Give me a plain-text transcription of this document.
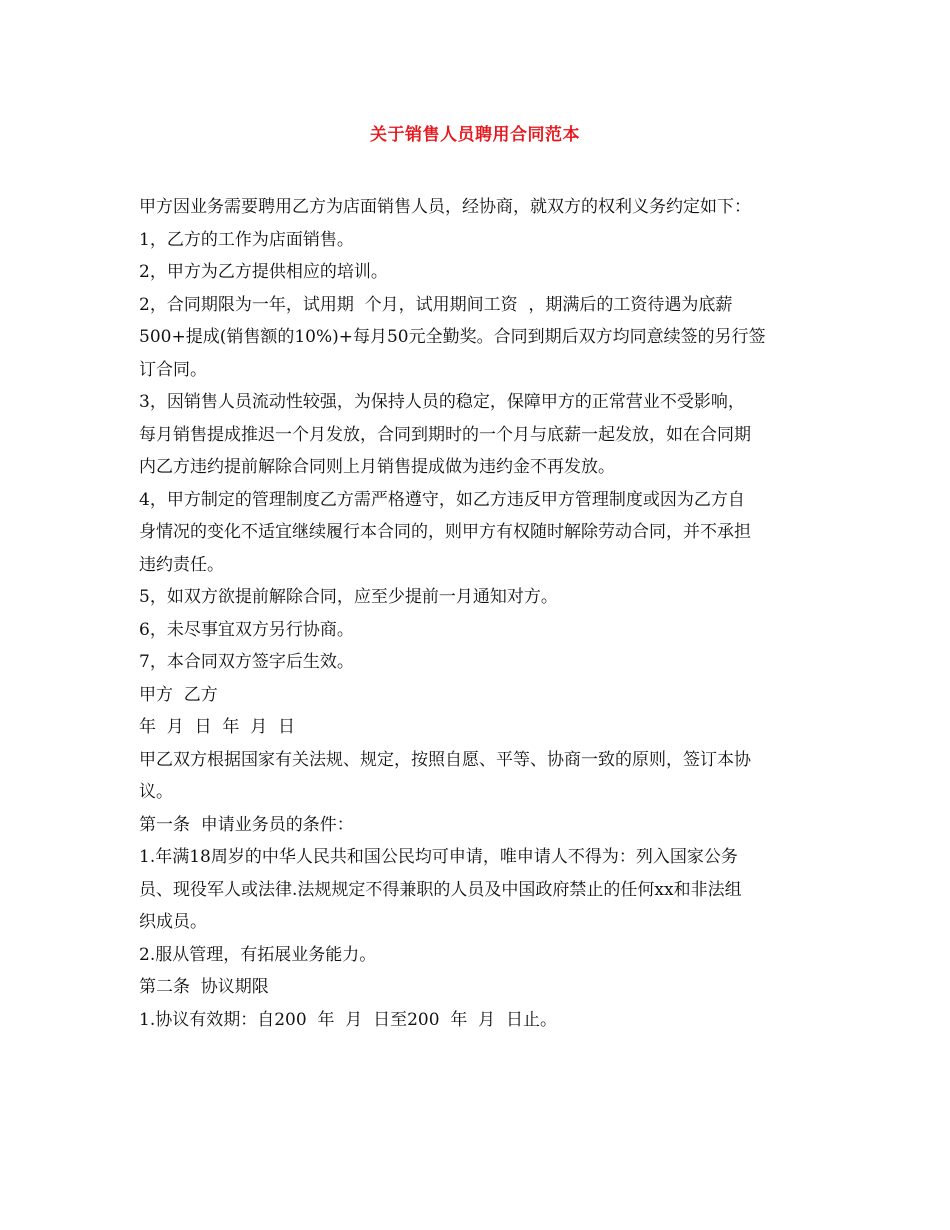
关于销售人员聘用合同范本
甲方因业务需要聘用乙方为店面销售人员，经协商，就双方的权利义务约定如下：
1，乙方的工作为店面销售。
2，甲方为乙方提供相应的培训。
2，合同期限为一年，试用期  个月，试用期间工资  ，期满后的工资待遇为底薪
500+提成(销售额的10%)+每月50元全勤奖。合同到期后双方均同意续签的另行签
订合同。
3，因销售人员流动性较强，为保持人员的稳定，保障甲方的正常营业不受影响，
每月销售提成推迟一个月发放，合同到期时的一个月与底薪一起发放，如在合同期
内乙方违约提前解除合同则上月销售提成做为违约金不再发放。
4，甲方制定的管理制度乙方需严格遵守，如乙方违反甲方管理制度或因为乙方自
身情况的变化不适宜继续履行本合同的，则甲方有权随时解除劳动合同，并不承担
违约责任。
5，如双方欲提前解除合同，应至少提前一月通知对方。
6，未尽事宜双方另行协商。
7，本合同双方签字后生效。
甲方  乙方
年  月  日  年  月  日
甲乙双方根据国家有关法规、规定，按照自愿、平等、协商一致的原则，签订本协
议。
第一条  申请业务员的条件：
1.年满18周岁的中华人民共和国公民均可申请，唯申请人不得为：列入国家公务
员、现役军人或法律.法规规定不得兼职的人员及中国政府禁止的任何xx和非法组
织成员。
2.服从管理，有拓展业务能力。
第二条  协议期限
1.协议有效期：自200  年  月  日至200  年  月  日止。
